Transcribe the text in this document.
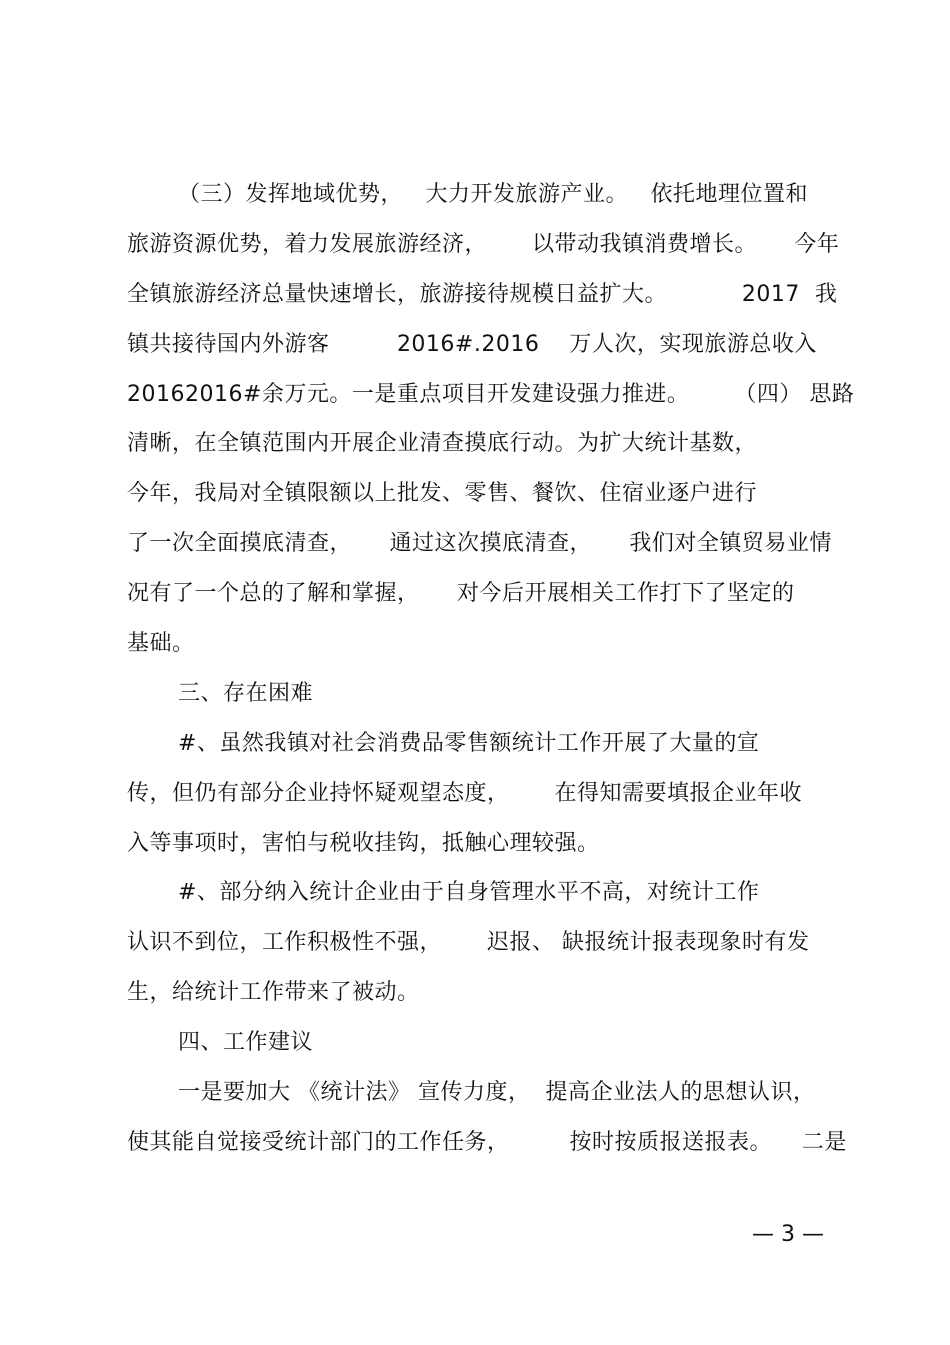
（三）发挥地域优势，   大力开发旅游产业。   依托地理位置和
旅游资源优势，着力发展旅游经济，      以带动我镇消费增长。     今年
全镇旅游经济总量快速增长，旅游接待规模日益扩大。          2017  我
镇共接待国内外游客         2016#.2016    万人次，实现旅游总收入
20162016#余万元。一是重点项目开发建设强力推进。      （四） 思路
清晰，在全镇范围内开展企业清查摸底行动。为扩大统计基数，
今年，我局对全镇限额以上批发、零售、餐饮、住宿业逐户进行
了一次全面摸底清查，     通过这次摸底清查，     我们对全镇贸易业情
况有了一个总的了解和掌握，     对今后开展相关工作打下了坚定的
基础。
三、存在困难
#、虽然我镇对社会消费品零售额统计工作开展了大量的宣
传，但仍有部分企业持怀疑观望态度，      在得知需要填报企业年收
入等事项时，害怕与税收挂钩，抵触心理较强。
#、部分纳入统计企业由于自身管理水平不高，对统计工作
认识不到位，工作积极性不强，      迟报、 缺报统计报表现象时有发
生，给统计工作带来了被动。
四、工作建议
一是要加大 《统计法》 宣传力度，  提高企业法人的思想认识，
使其能自觉接受统计部门的工作任务，        按时按质报送报表。    二是
— 3 —
